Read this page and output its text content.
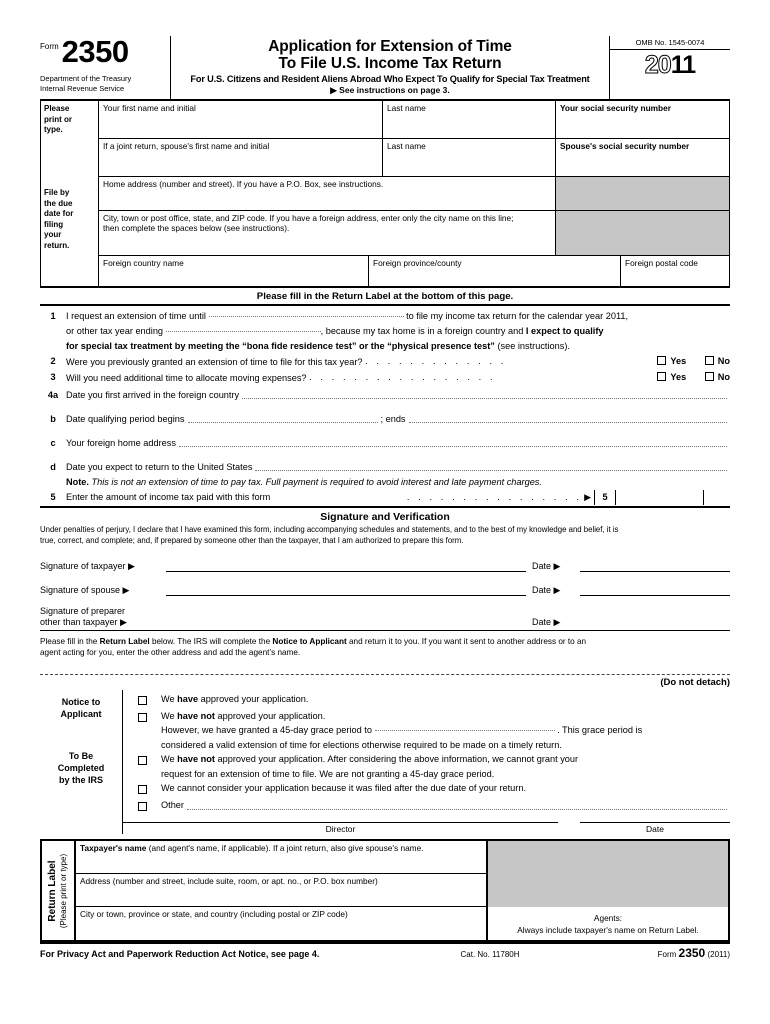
Form2350
Department of the Treasury
Internal Revenue Service
Application for Extension of Time
To File U.S. Income Tax Return
For U.S. Citizens and Resident Aliens Abroad Who Expect To Qualify for Special Tax Treatment
▶ See instructions on page 3.
OMB No. 1545-0074
2011
Please
print or
type.
File by
the due
date for
filing
your
return.
Your first name and initial	Last name	Your social security number
If a joint return, spouse's first name and initial	Last name	Spouse's social security number
Home address (number and street). If you have a P.O. Box, see instructions.
City, town or post office, state, and ZIP code. If you have a foreign address, enter only the city name on this line;
then complete the spaces below (see instructions).
Foreign country name	Foreign province/county	Foreign postal code
Please fill in the Return Label at the bottom of this page.
1	I request an extension of time until	to file my income tax return for the calendar year 2011,
or other tax year ending	, because my tax home is in a foreign country and I expect to qualify
for special tax treatment by meeting the “bona fide residence test” or the “physical presence test” (see instructions).
2	Were you previously granted an extension of time to file for this tax year? . . . . . . . . . . . . .	Yes	No
3	Will you need additional time to allocate moving expenses? . . . . . . . . . . . . . . . . .	Yes	No
4a Date you first arrived in the foreign country
b	Date qualifying period begins	; ends
c	Your foreign home address
d	Date you expect to return to the United States
Note. This is not an extension of time to pay tax. Full payment is required to avoid interest and late payment charges.
5	Enter the amount of income tax paid with this form	. . . . . . . . . . . . . . . . ▶	5
Signature and Verification
Under penalties of perjury, I declare that I have examined this form, including accompanying schedules and statements, and to the best of my knowledge and belief, it is
true, correct, and complete; and, if prepared by someone other than the taxpayer, that I am authorized to prepare this form.
Signature of taxpayer ▶	Date ▶
Signature of spouse ▶	Date ▶
Signature of preparer
other than taxpayer ▶	Date ▶
Please fill in the Return Label below. The IRS will complete the Notice to Applicant and return it to you. If you want it sent to another address or to an
agent acting for you, enter the other address and add the agent’s name.
(Do not detach)
Notice to
Applicant
To Be
Completed
by the IRS
We have approved your application.
We have not approved your application.
However, we have granted a 45-day grace period to	. This grace period is
considered a valid extension of time for elections otherwise required to be made on a timely return.
We have not approved your application. After considering the above information, we cannot grant your
request for an extension of time to file. We are not granting a 45-day grace period.
We cannot consider your application because it was filed after the due date of your return.
Other
Director	Date
Return Label (Please print or type)
Taxpayer's name (and agent's name, if applicable). If a joint return, also give spouse's name.
Address (number and street, include suite, room, or apt. no., or P.O. box number)
City or town, province or state, and country (including postal or ZIP code)	Agents:
Always include taxpayer's name on Return Label.
For Privacy Act and Paperwork Reduction Act Notice, see page 4.	Cat. No. 11780H	Form 2350 (2011)
